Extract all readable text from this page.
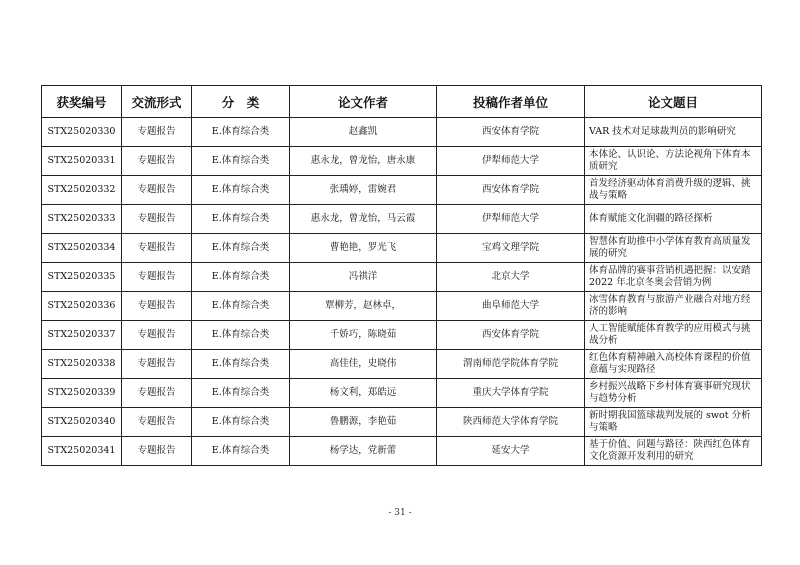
获奖编号	交流形式	分　类	论文作者	投稿作者单位	论文题目
STX25020330	专题报告	E.体育综合类	赵鑫凯	西安体育学院	VAR 技术对足球裁判员的影响研究
STX25020331	专题报告	E.体育综合类	惠永龙，曾龙怡，唐永康	伊犁师范大学	本体论、认识论、方法论视角下体育本质研究
STX25020332	专题报告	E.体育综合类	张瑀婷，雷婉君	西安体育学院	首发经济驱动体育消费升级的逻辑、挑战与策略
STX25020333	专题报告	E.体育综合类	惠永龙，曾龙怡，马云霞	伊犁师范大学	体育赋能文化润疆的路径探析
STX25020334	专题报告	E.体育综合类	曹艳艳，罗光飞	宝鸡文理学院	智慧体育助推中小学体育教育高质量发展的研究
STX25020335	专题报告	E.体育综合类	冯祺洋	北京大学	体育品牌的赛事营销机遇把握：以安踏 2022 年北京冬奥会营销为例
STX25020336	专题报告	E.体育综合类	覃柳芳，赵林卓，	曲阜师范大学	冰雪体育教育与旅游产业融合对地方经济的影响
STX25020337	专题报告	E.体育综合类	千娇巧，陈晓茹	西安体育学院	人工智能赋能体育教学的应用模式与挑战分析
STX25020338	专题报告	E.体育综合类	高佳佳，史晓伟	渭南师范学院体育学院	红色体育精神融入高校体育课程的价值意蕴与实现路径
STX25020339	专题报告	E.体育综合类	杨文利，郑皓远	重庆大学体育学院	乡村振兴战略下乡村体育赛事研究现状与趋势分析
STX25020340	专题报告	E.体育综合类	鲁鹏源，李艳茹	陕西师范大学体育学院	新时期我国篮球裁判发展的 swot 分析与策略
STX25020341	专题报告	E.体育综合类	杨学达，党新蕾	延安大学	基于价值、问题与路径：陕西红色体育文化资源开发利用的研究
- 31 -
